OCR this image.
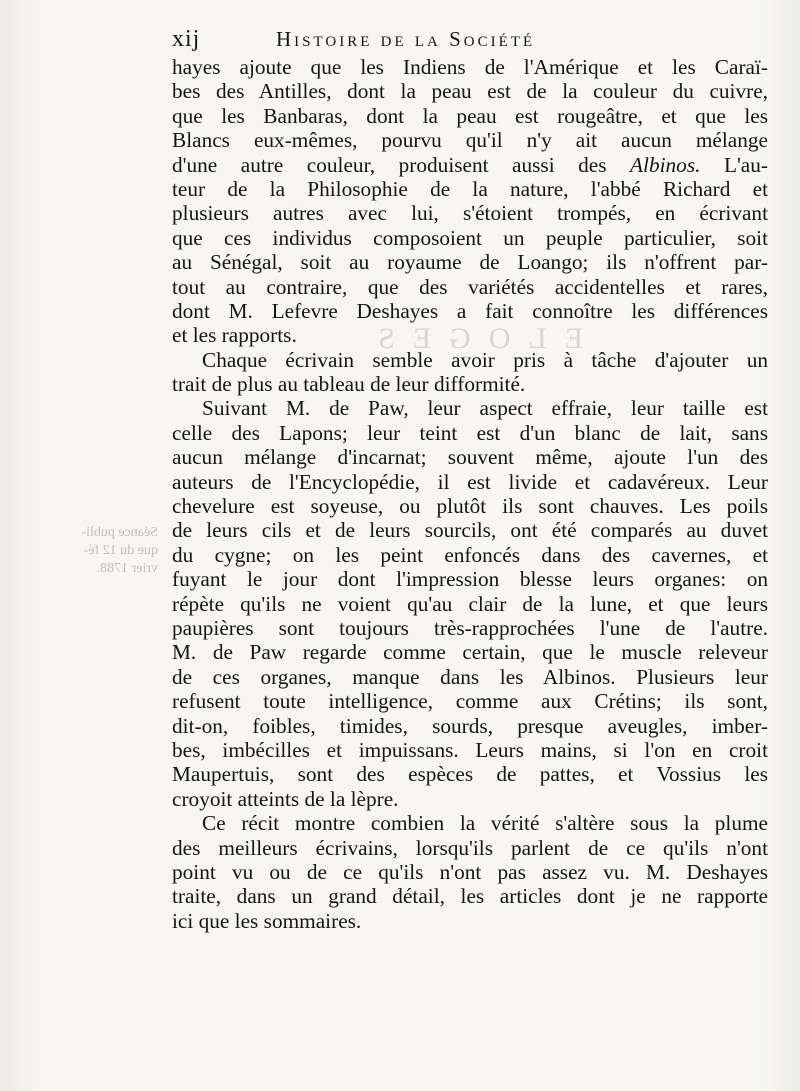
ELOGES
xij	Histoire de la Société
Séance publi-
que du 12 fé-
vrier 1788.
hayes ajoute que les Indiens de l'Amérique et les Caraï-
bes des Antilles, dont la peau est de la couleur du cuivre,
que les Banbaras, dont la peau est rougeâtre, et que les
Blancs eux-mêmes, pourvu qu'il n'y ait aucun mélange
d'une autre couleur, produisent aussi des Albinos. L'au-
teur de la Philosophie de la nature, l'abbé Richard et
plusieurs autres avec lui, s'étoient trompés, en écrivant
que ces individus composoient un peuple particulier, soit
au Sénégal, soit au royaume de Loango; ils n'offrent par-
tout au contraire, que des variétés accidentelles et rares,
dont M. Lefevre Deshayes a fait connoître les différences
et les rapports.
Chaque écrivain semble avoir pris à tâche d'ajouter un
trait de plus au tableau de leur difformité.
Suivant M. de Paw, leur aspect effraie, leur taille est
celle des Lapons; leur teint est d'un blanc de lait, sans
aucun mélange d'incarnat; souvent même, ajoute l'un des
auteurs de l'Encyclopédie, il est livide et cadavéreux. Leur
chevelure est soyeuse, ou plutôt ils sont chauves. Les poils
de leurs cils et de leurs sourcils, ont été comparés au duvet
du cygne; on les peint enfoncés dans des cavernes, et
fuyant le jour dont l'impression blesse leurs organes: on
répète qu'ils ne voient qu'au clair de la lune, et que leurs
paupières sont toujours très-rapprochées l'une de l'autre.
M. de Paw regarde comme certain, que le muscle releveur
de ces organes, manque dans les Albinos. Plusieurs leur
refusent toute intelligence, comme aux Crétins; ils sont,
dit-on, foibles, timides, sourds, presque aveugles, imber-
bes, imbécilles et impuissans. Leurs mains, si l'on en croit
Maupertuis, sont des espèces de pattes, et Vossius les
croyoit atteints de la lèpre.
Ce récit montre combien la vérité s'altère sous la plume
des meilleurs écrivains, lorsqu'ils parlent de ce qu'ils n'ont
point vu ou de ce qu'ils n'ont pas assez vu. M. Deshayes
traite, dans un grand détail, les articles dont je ne rapporte
ici que les sommaires.
